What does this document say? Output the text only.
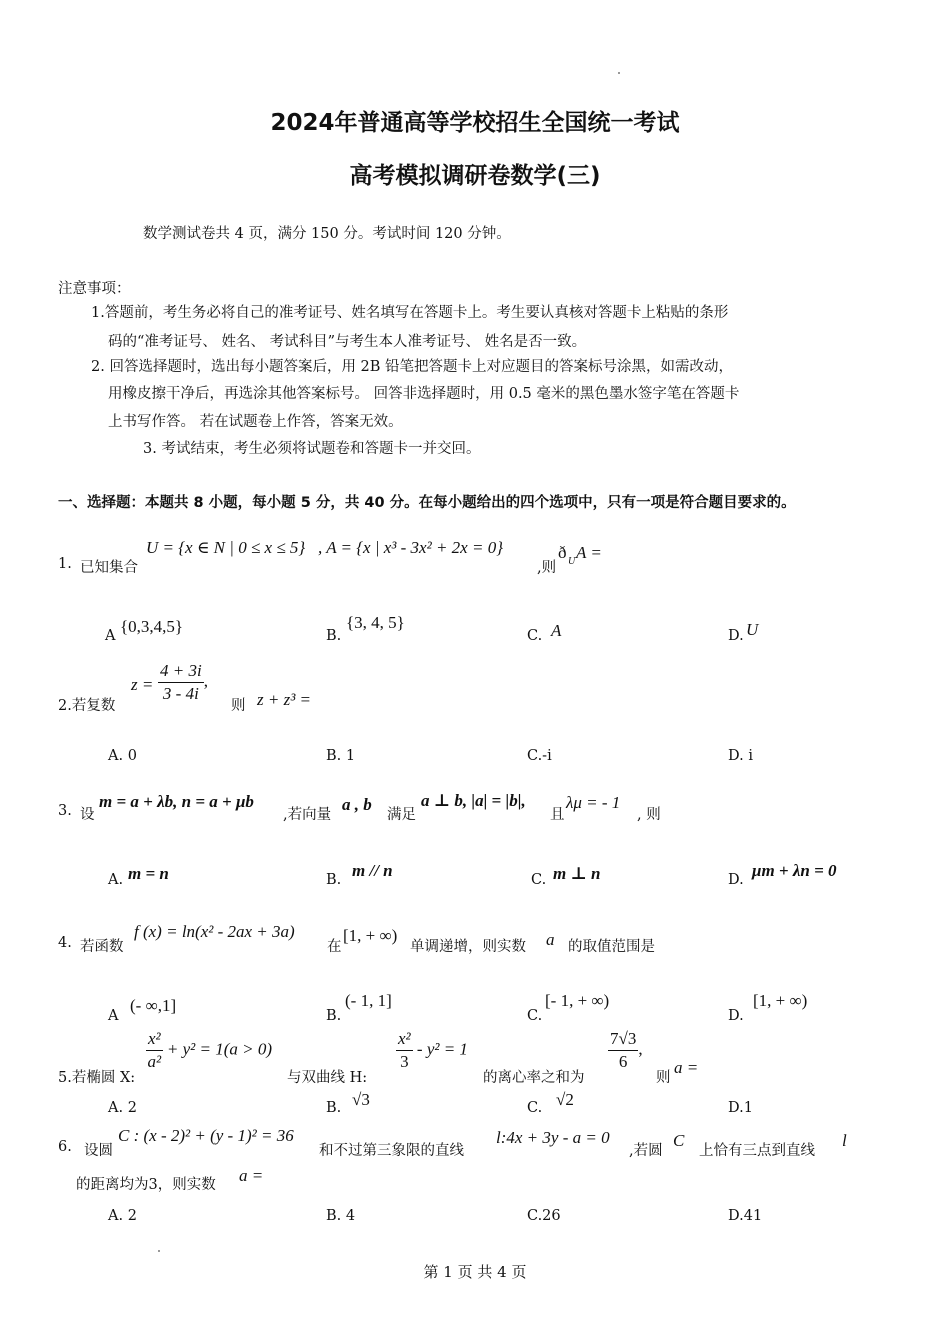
2024年普通高等学校招生全国统一考试
高考模拟调研卷数学(三)
数学测试卷共 4 页，满分 150 分。考试时间 120 分钟。
注意事项：
1.答题前，考生务必将自己的准考证号、姓名填写在答题卡上。考生要认真核对答题卡上粘贴的条形
码的“准考证号、 姓名、 考试科目”与考生本人准考证号、 姓名是否一致。
2. 回答选择题时，选出每小题答案后，用 2B 铅笔把答题卡上对应题目的答案标号涂黑，如需改动，
用橡皮擦干净后，再选涂其他答案标号。 回答非选择题时，用 0.5 毫米的黑色墨水签字笔在答题卡
上书写作答。 若在试题卷上作答，答案无效。
3. 考试结束，考生必须将试题卷和答题卡一并交回。
一、选择题：本题共 8 小题，每小题 5 分，共 40 分。在每小题给出的四个选项中，只有一项是符合题目要求的。
1. 已知集合
U = {x ∈ N | 0 ≤ x ≤ 5} , A = {x | x³ - 3x² + 2x = 0}
,则
ð U A =
A {0,3,4,5}	B.
{3, 4, 5}
C. A	D. U
2.若复数
$z = \frac{4 + 3i}{3 - 4i}$ ,
则 z + z³ =
A. 0	B. 1	C.-i	D. i
3. 设
m = a + λb, n = a + μb
,若向量
a , b
满足
a ⊥ b, |a| = |b|,
且
λμ = - 1
, 则
A. m = n	B. m // n	C. m ⊥ n	D. μm + λn = 0
4. 若函数
f (x) = ln(x² - 2ax + 3a)
在
[1, + ∞)
单调递增，则实数 a 的取值范围是
A
(- ∞,1]
B.
(- 1, 1]
C.
[- 1, + ∞)
D.
[1, + ∞)
5.若椭圆 X:
$\frac{\text{x²}}{\text{a²}} + y^2 = 1(a > 0)$
与双曲线 H:
$\frac{\text{x²}}{3} - y^2 = 1$
的离心率之和为
$\frac{7√3}{6}$ ,
则
a =
A. 2	B. √3	C. √2	D.1
6. 设圆
C : (x - 2)² + (y - 1)² = 36
和不过第三象限的直线
l:4x + 3y - a = 0
,若圆
C
上恰有三点到直线
l
的距离均为3，则实数 a =
A. 2	B. 4	C.26	D.41
第 1 页 共 4 页
